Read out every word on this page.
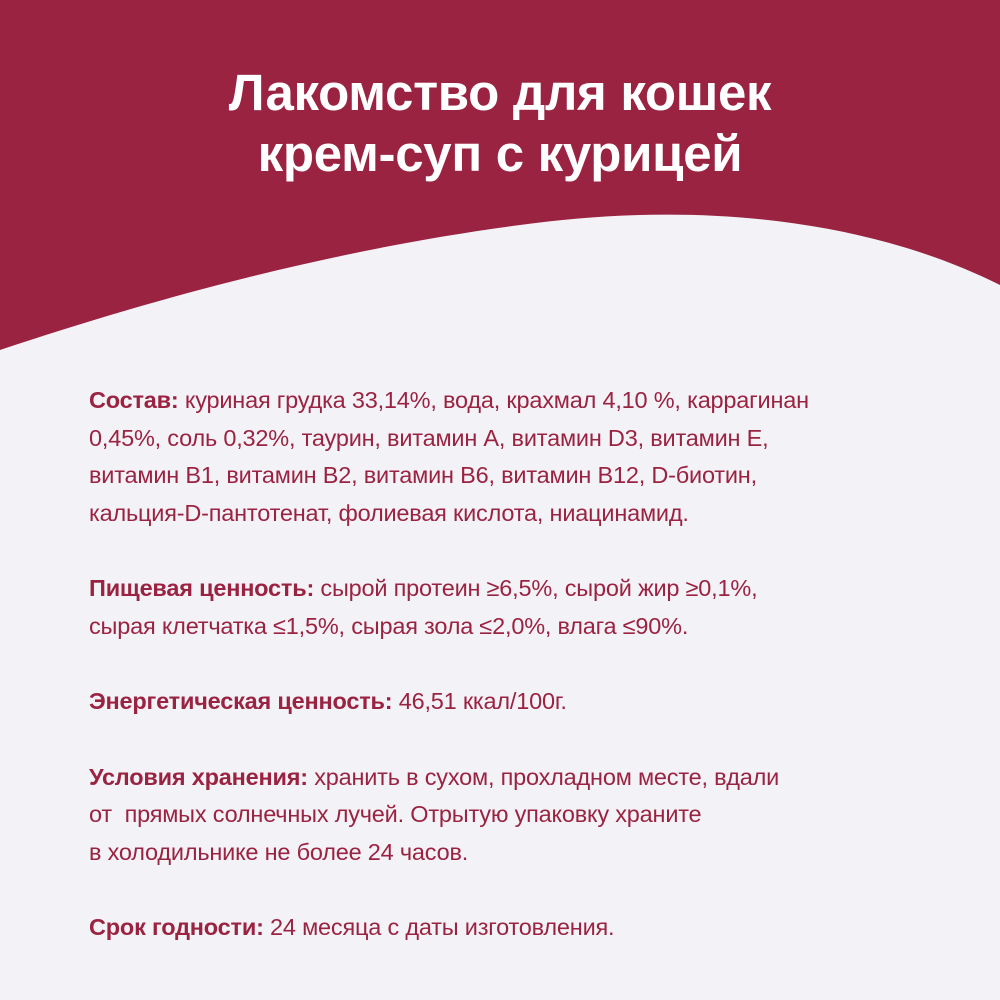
Лакомство для кошек
крем-суп с курицей

Состав: куриная грудка 33,14%, вода, крахмал 4,10 %, каррагинан
0,45%, соль 0,32%, таурин, витамин А, витамин D3, витамин Е,
витамин В1, витамин В2, витамин В6, витамин В12, D-биотин,
кальция-D-пантотенат, фолиевая кислота, ниацинамид.

Пищевая ценность: сырой протеин ≥6,5%, сырой жир ≥0,1%,
сырая клетчатка ≤1,5%, сырая зола ≤2,0%, влага ≤90%.

Энергетическая ценность: 46,51 ккал/100г.

Условия хранения: хранить в сухом, прохладном месте, вдали
от  прямых солнечных лучей. Отрытую упаковку храните
в холодильнике не более 24 часов.

Срок годности: 24 месяца с даты изготовления.
